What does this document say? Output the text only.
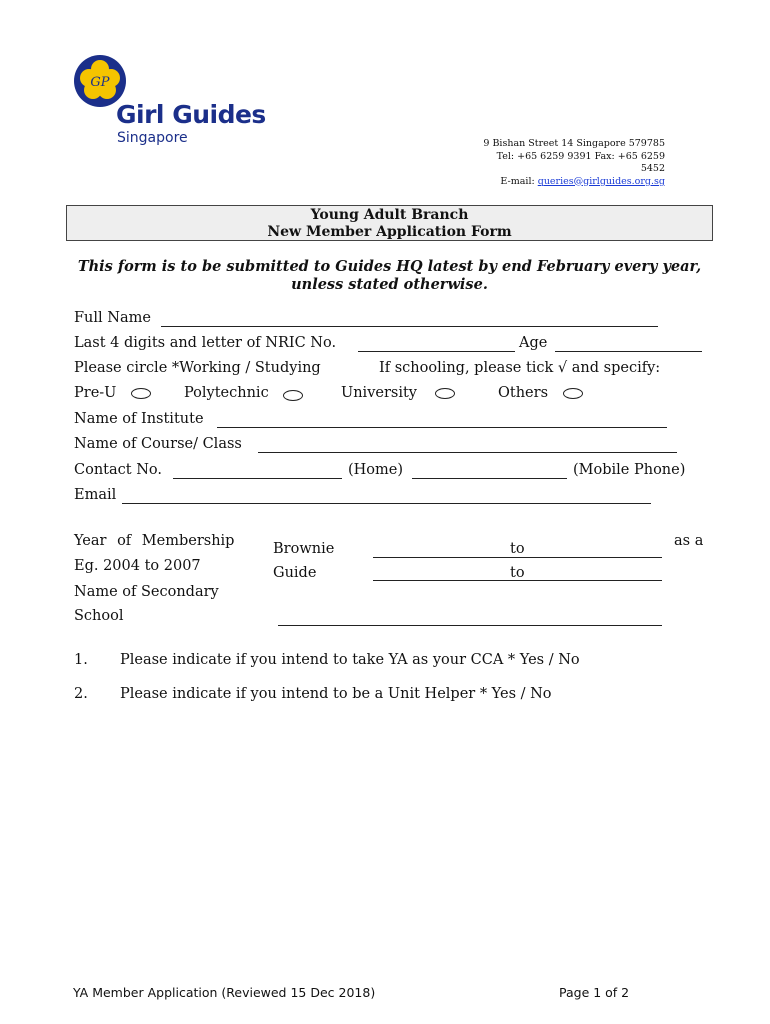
GP
Girl Guides
Singapore	9 Bishan Street 14 Singapore 579785
Tel: +65 6259 9391 Fax: +65 6259
5452
E-mail: queries@girlguides.org.sg
Young Adult Branch
New Member Application Form
This form is to be submitted to Guides HQ latest by end February every year, unless stated otherwise.
Full Name
Last 4 digits and letter of NRIC No.	Age
Please circle *Working / Studying	If schooling, please tick √ and specify:
Pre-U	Polytechnic	University	Others
Name of Institute
Name of Course/ Class
Contact No.	(Home)	(Mobile Phone)
Email
Year of Membership	as a
Eg. 2004 to 2007
Brownie	to
Guide	to
Name of Secondary
School
1. Please indicate if you intend to take YA as your CCA * Yes / No
2. Please indicate if you intend to be a Unit Helper * Yes / No
YA Member Application (Reviewed 15 Dec 2018)	Page 1 of 2
